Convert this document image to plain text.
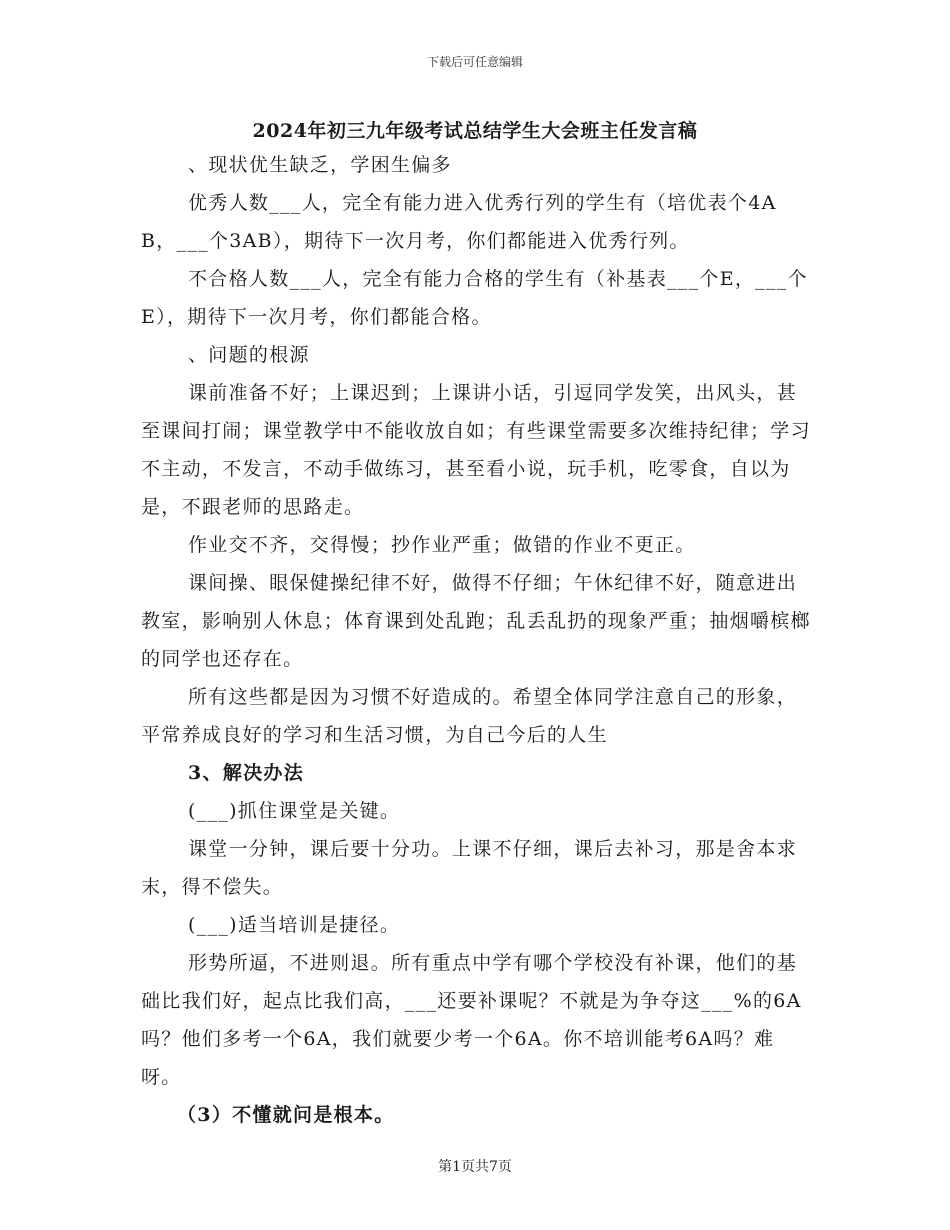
下载后可任意编辑
2024年初三九年级考试总结学生大会班主任发言稿

、现状优生缺乏，学困生偏多

优秀人数___人，完全有能力进入优秀行列的学生有（培优表个4AB，___个3AB），期待下一次月考，你们都能进入优秀行列。

不合格人数___人，完全有能力合格的学生有（补基表___个E，___个E），期待下一次月考，你们都能合格。

、问题的根源

课前准备不好；上课迟到；上课讲小话，引逗同学发笑，出风头，甚至课间打闹；课堂教学中不能收放自如；有些课堂需要多次维持纪律；学习不主动，不发言，不动手做练习，甚至看小说，玩手机，吃零食，自以为是，不跟老师的思路走。

作业交不齐，交得慢；抄作业严重；做错的作业不更正。

课间操、眼保健操纪律不好，做得不仔细；午休纪律不好，随意进出教室，影响别人休息；体育课到处乱跑；乱丢乱扔的现象严重；抽烟嚼槟榔的同学也还存在。

所有这些都是因为习惯不好造成的。希望全体同学注意自己的形象，平常养成良好的学习和生活习惯，为自己今后的人生

3、解决办法

(___)抓住课堂是关键。

课堂一分钟，课后要十分功。上课不仔细，课后去补习，那是舍本求末，得不偿失。

(___)适当培训是捷径。

形势所逼，不进则退。所有重点中学有哪个学校没有补课，他们的基础比我们好，起点比我们高，___还要补课呢？不就是为争夺这___%的6A吗？他们多考一个6A，我们就要少考一个6A。你不培训能考6A吗？难呀。

（3）不懂就问是根本。

第1页共7页
